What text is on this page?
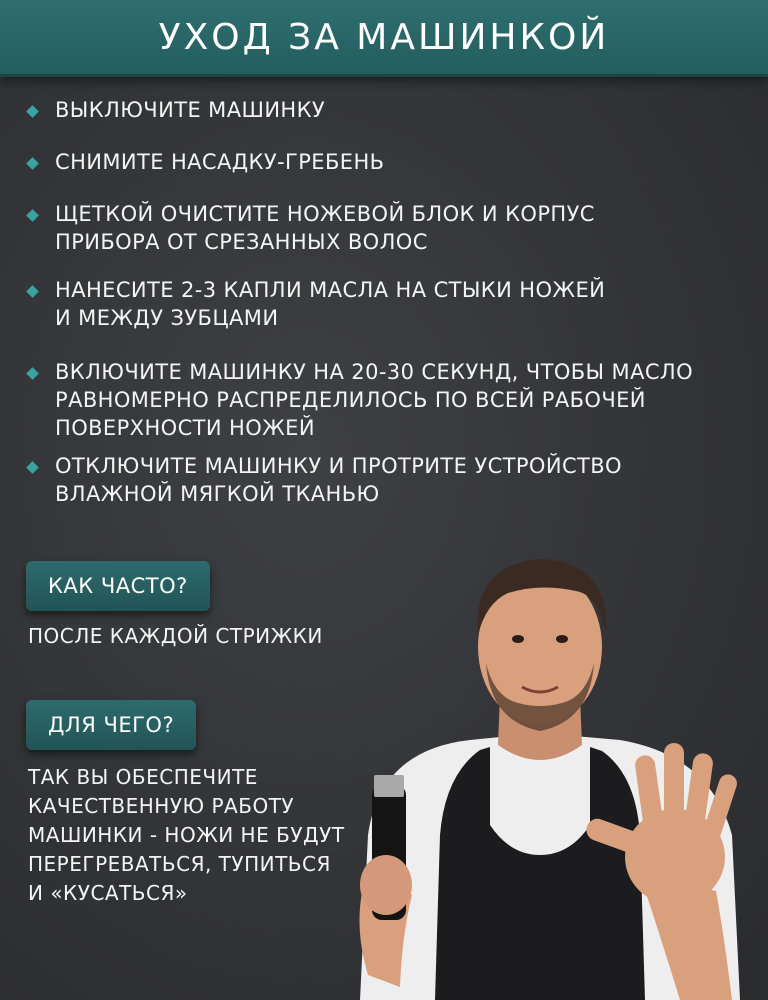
УХОД ЗА МАШИНКОЙ
ВЫКЛЮЧИТЕ МАШИНКУ
СНИМИТЕ НАСАДКУ-ГРЕБЕНЬ
ЩЕТКОЙ ОЧИСТИТЕ НОЖЕВОЙ БЛОК И КОРПУС
ПРИБОРА ОТ СРЕЗАННЫХ ВОЛОС
НАНЕСИТЕ 2-3 КАПЛИ МАСЛА НА СТЫКИ НОЖЕЙ
И МЕЖДУ ЗУБЦАМИ
ВКЛЮЧИТЕ МАШИНКУ НА 20-30 СЕКУНД, ЧТОБЫ МАСЛО
РАВНОМЕРНО РАСПРЕДЕЛИЛОСЬ ПО ВСЕЙ РАБОЧЕЙ
ПОВЕРХНОСТИ НОЖЕЙ
ОТКЛЮЧИТЕ МАШИНКУ И ПРОТРИТЕ УСТРОЙСТВО
ВЛАЖНОЙ МЯГКОЙ ТКАНЬЮ
КАК ЧАСТО?
ПОСЛЕ КАЖДОЙ СТРИЖКИ
ДЛЯ ЧЕГО?
ТАК ВЫ ОБЕСПЕЧИТЕ
КАЧЕСТВЕННУЮ РАБОТУ
МАШИНКИ - НОЖИ НЕ БУДУТ
ПЕРЕГРЕВАТЬСЯ, ТУПИТЬСЯ
И «КУСАТЬСЯ»
